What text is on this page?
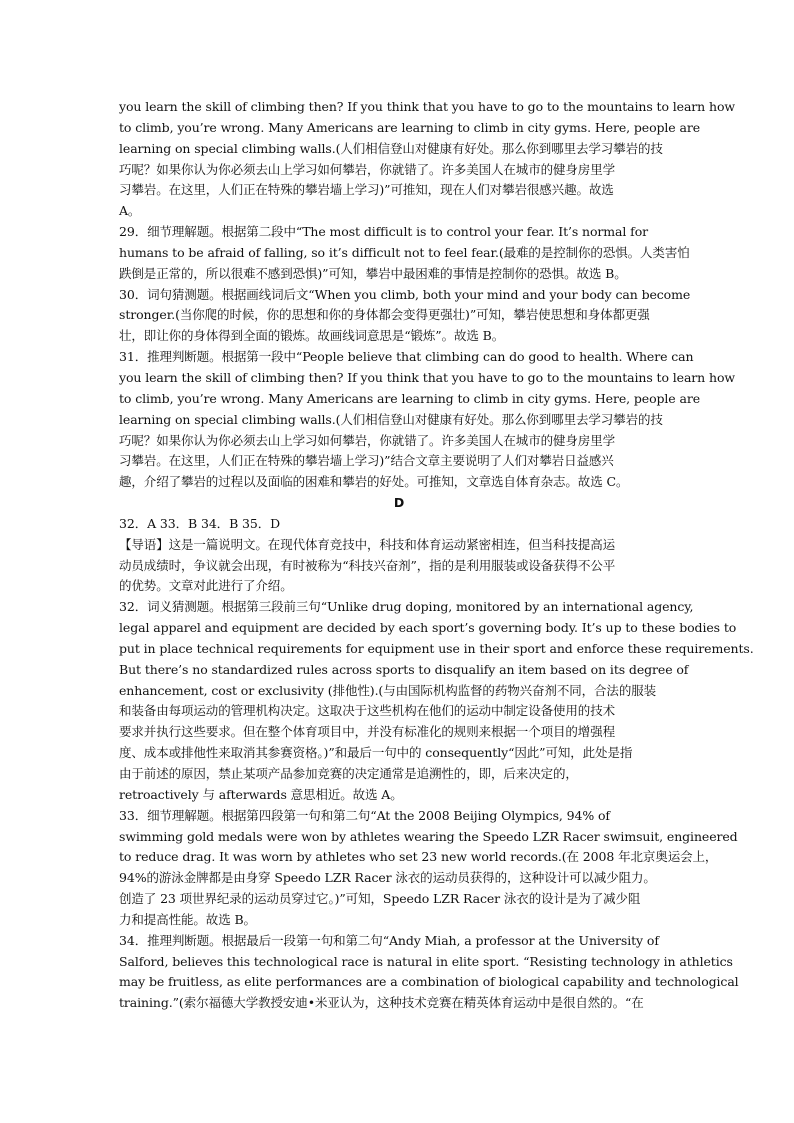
you learn the skill of climbing then? If you think that you have to go to the mountains to learn how
to climb, you’re wrong. Many Americans are learning to climb in city gyms. Here, people are
learning on special climbing walls.(人们相信登山对健康有好处。那么你到哪里去学习攀岩的技
巧呢？如果你认为你必须去山上学习如何攀岩，你就错了。许多美国人在城市的健身房里学
习攀岩。在这里，人们正在特殊的攀岩墙上学习)”可推知，现在人们对攀岩很感兴趣。故选
A。
29．细节理解题。根据第二段中“The most difficult is to control your fear. It’s normal for
humans to be afraid of falling, so it’s difficult not to feel fear.(最难的是控制你的恐惧。人类害怕
跌倒是正常的，所以很难不感到恐惧)”可知，攀岩中最困难的事情是控制你的恐惧。故选 B。
30．词句猜测题。根据画线词后文“When you climb, both your mind and your body can become
stronger.(当你爬的时候，你的思想和你的身体都会变得更强壮)”可知，攀岩使思想和身体都更强
壮，即让你的身体得到全面的锻炼。故画线词意思是“锻炼”。故选 B。
31．推理判断题。根据第一段中“People believe that climbing can do good to health. Where can
you learn the skill of climbing then? If you think that you have to go to the mountains to learn how
to climb, you’re wrong. Many Americans are learning to climb in city gyms. Here, people are
learning on special climbing walls.(人们相信登山对健康有好处。那么你到哪里去学习攀岩的技
巧呢？如果你认为你必须去山上学习如何攀岩，你就错了。许多美国人在城市的健身房里学
习攀岩。在这里，人们正在特殊的攀岩墙上学习)”结合文章主要说明了人们对攀岩日益感兴
趣，介绍了攀岩的过程以及面临的困难和攀岩的好处。可推知，文章选自体育杂志。故选 C。
D
32．A 33．B 34．B 35．D
【导语】这是一篇说明文。在现代体育竞技中，科技和体育运动紧密相连，但当科技提高运
动员成绩时，争议就会出现，有时被称为“科技兴奋剂”，指的是利用服装或设备获得不公平
的优势。文章对此进行了介绍。
32．词义猜测题。根据第三段前三句“Unlike drug doping, monitored by an international agency,
legal apparel and equipment are decided by each sport’s governing body. It’s up to these bodies to
put in place technical requirements for equipment use in their sport and enforce these requirements.
But there’s no standardized rules across sports to disqualify an item based on its degree of
enhancement, cost or exclusivity (排他性).(与由国际机构监督的药物兴奋剂不同，合法的服装
和装备由每项运动的管理机构决定。这取决于这些机构在他们的运动中制定设备使用的技术
要求并执行这些要求。但在整个体育项目中，并没有标准化的规则来根据一个项目的增强程
度、成本或排他性来取消其参赛资格。)”和最后一句中的 consequently“因此”可知，此处是指
由于前述的原因，禁止某项产品参加竞赛的决定通常是追溯性的，即，后来决定的，
retroactively 与 afterwards 意思相近。故选 A。
33．细节理解题。根据第四段第一句和第二句“At the 2008 Beijing Olympics, 94% of
swimming gold medals were won by athletes wearing the Speedo LZR Racer swimsuit, engineered
to reduce drag. It was worn by athletes who set 23 new world records.(在 2008 年北京奥运会上，
94%的游泳金牌都是由身穿 Speedo LZR Racer 泳衣的运动员获得的，这种设计可以减少阻力。
创造了 23 项世界纪录的运动员穿过它。)”可知，Speedo LZR Racer 泳衣的设计是为了减少阻
力和提高性能。故选 B。
34．推理判断题。根据最后一段第一句和第二句“Andy Miah, a professor at the University of
Salford, believes this technological race is natural in elite sport. “Resisting technology in athletics
may be fruitless, as elite performances are a combination of biological capability and technological
training.”(索尔福德大学教授安迪•米亚认为，这种技术竞赛在精英体育运动中是很自然的。“在
